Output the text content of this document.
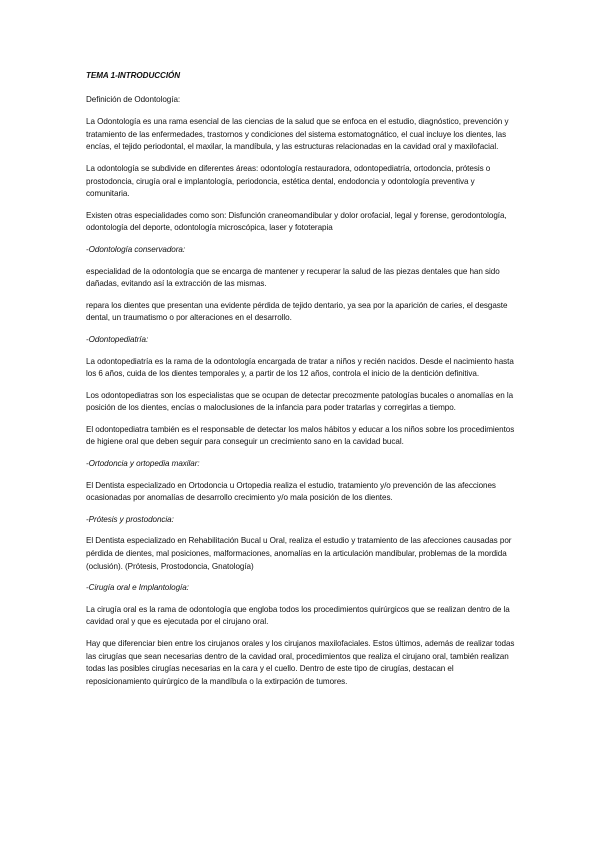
TEMA 1-INTRODUCCIÓN

Definición de Odontología:

La Odontología es una rama esencial de las ciencias de la salud que se enfoca en el estudio, diagnóstico, prevención y tratamiento de las enfermedades, trastornos y condiciones del sistema estomatognático, el cual incluye los dientes, las encías, el tejido periodontal, el maxilar, la mandíbula, y las estructuras relacionadas en la cavidad oral y maxilofacial.

La odontología se subdivide en diferentes áreas: odontología restauradora, odontopediatría, ortodoncia, prótesis o prostodoncia, cirugía oral e implantología, periodoncia, estética dental, endodoncia y odontología preventiva y comunitaria.

Existen otras especialidades como son: Disfunción craneomandibular y dolor orofacial, legal y forense, gerodontología, odontología del deporte, odontología microscópica, laser y fototerapia

-Odontología conservadora:

especialidad de la odontología que se encarga de mantener y recuperar la salud de las piezas dentales que han sido dañadas, evitando así la extracción de las mismas.

repara los dientes que presentan una evidente pérdida de tejido dentario, ya sea por la aparición de caries, el desgaste dental, un traumatismo o por alteraciones en el desarrollo.

-Odontopediatría:

La odontopediatría es la rama de la odontología encargada de tratar a niños y recién nacidos. Desde el nacimiento hasta los 6 años, cuida de los dientes temporales y, a partir de los 12 años, controla el inicio de la dentición definitiva.

Los odontopediatras son los especialistas que se ocupan de detectar precozmente patologías bucales o anomalías en la posición de los dientes, encías o maloclusiones de la infancia para poder tratarlas y corregirlas a tiempo.

El odontopediatra también es el responsable de detectar los malos hábitos y educar a los niños sobre los procedimientos de higiene oral que deben seguir para conseguir un crecimiento sano en la cavidad bucal.

-Ortodoncia y ortopedia maxilar:

El Dentista especializado en Ortodoncia u Ortopedia realiza el estudio, tratamiento y/o prevención de las afecciones ocasionadas por anomalías de desarrollo crecimiento y/o mala posición de los dientes.

-Prótesis y prostodoncia:

El Dentista especializado en Rehabilitación Bucal u Oral, realiza el estudio y tratamiento de las afecciones causadas por pérdida de dientes, mal posiciones, malformaciones, anomalías en la articulación mandibular, problemas de la mordida (oclusión). (Prótesis, Prostodoncia, Gnatología)

-Cirugía oral e Implantología:

La cirugía oral es la rama de odontología que engloba todos los procedimientos quirúrgicos que se realizan dentro de la cavidad oral y que es ejecutada por el cirujano oral.

Hay que diferenciar bien entre los cirujanos orales y los cirujanos maxilofaciales. Estos últimos, además de realizar todas las cirugías que sean necesarias dentro de la cavidad oral, procedimientos que realiza el cirujano oral, también realizan todas las posibles cirugías necesarias en la cara y el cuello. Dentro de este tipo de cirugías, destacan el reposicionamiento quirúrgico de la mandíbula o la extirpación de tumores.
